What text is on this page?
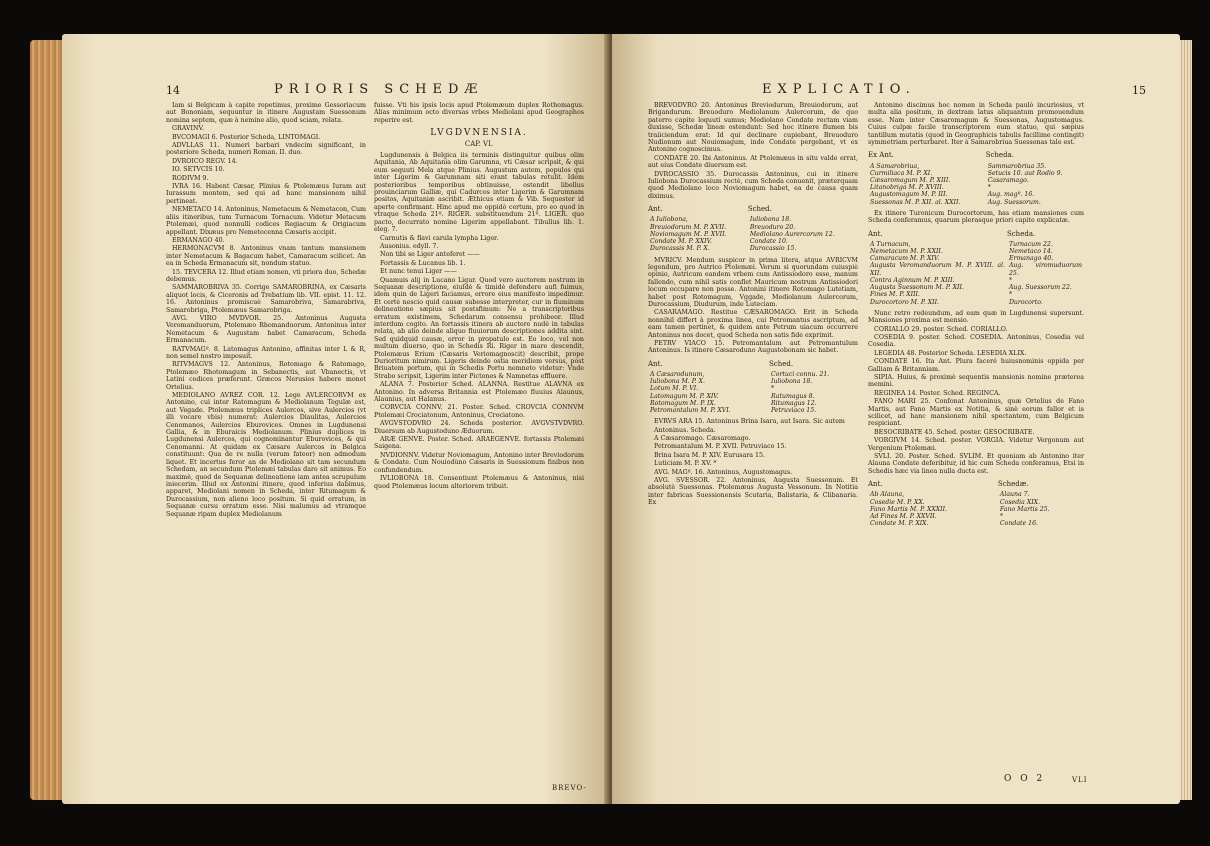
14	PRIORIS SCHEDÆ

Iam si Belgicam à capite repetimus, proxime Gessoriacum aut Bononiam, sequuntur in itinere Augustam Suessonum nomina septem, quæ à nemine alio, quod sciam, relata.

GRAVINV.

BVCOMAGI 6. Posterior Scheda, LINTOMAGI.

ADVLLAS 11. Numeri barbari vndecim significant, in posteriore Scheda, numeri Roman. II. duo.

DVROICO REGV. 14.

IO. SETVCIS 10.

RODIVM 9.

IVRA 16. Habent Cæsar, Plinius & Ptolemæus Iuram aut Iurassum montem, sed qui ad hanc mansionem nihil pertineat.

NEMETACO 14. Antoninus, Nemetacum & Nemetacon, Cum aliis itineribus, tum Turnacum Tornacum. Videtur Metacum Ptolemæi, quod nonnulli codices Regiacum & Origiacum appellant. Dixæus pro Nemetocenna Cæsaris accipit.

ERMANAGO 40.

HERMONACVM 8. Antoninus vnam tantum mansionem inter Nemetacum & Bagacum habet, Camaracum scilicet. An ea in Scheda Ermanacum sit, nondum statuo.

15. TEVCERA 12. Illud etiam nomen, vti priora duo, Schedæ debemus.

SAMMAROBRIVA 35. Corrige SAMAROBRINA, ex Cæsaris aliquot locis, & Ciceronis ad Trebatium lib. VII. epist. 11. 12. 16. Antoninus promiscuè Samarobriva, Samarabriva, Samarobriga, Ptolemæus Samarobriga.

AVG. VIRO MVDVOR. 25. Antoninus Augusta Veromanduorum, Ptolemæo Rhomanduorum. Antoninus inter Nemetacum & Augustam habet Camaracum, Scheda Ermanacum.

RATVMAGº. 8. Latomagus Antonino, affinitas inter L & R, non semel nostro imposuit.

RITVMAGVS 12. Antoninus, Rotomago & Ratomago, Ptolemæo Rhotomagum in Sebanectis, aut Vbanectis, vt Latini codices præferunt. Græcos Nerusios habere monet Ortelius.

MEDIOLANO AVREZ COR. 12. Lege AVLERCORVM ex Antonino, cui inter Ratomagum & Mediolanum Tegulæ est, aut Vegade. Ptolemæus triplices Aulercos, sive Aulercios (vt illi vocare vbis) numerat: Aulercios Diaulitas, Aulercios Cenomanos, Aulercios Eburovices. Omnes in Lugdunensi Gallia, & in Eburaicis Mediolanum. Plinius duplices in Lugdunensi Aulercos, qui cognominantur Eburovices, & qui Cenomanni. At quidam ex Cæsare Aulercos in Belgica constituunt: Qua de re nulla (verum fateor) non admodum liquet. Et incertus feror an de Mediolano sit tam secundum Schedam, an secundum Ptolemæi tabulas dare sit animus. Eo maximè, quod de Sequanæ delineatione iam antea scrupulum iniecerim. Illud ex Antonini itinere, quod inferius dabimus, apparet, Mediolani nomen in Scheda, inter Ritumagum & Durocassium, non alieno loco positum. Si quid erratum, in Sequanæ cursu erratum esse. Nisi malumus ad vtramque Sequanæ ripam duplex Mediolanum

fuisse. Vti his ipsis locis apud Ptolemæum duplex Rothomagus. Alias minimum octo diversas vrbes Mediolani apud Geographos reperire est.

LVGDVNENSIA.
CAP. VI.

Lugdunensis à Belgica iis terminis distinguitur quibus olim Aquitania, Ab Aquitania olim Garumna, vti Cæsar scripsit, & qui eum sequuti Mela atque Plinius. Augustum autem, populos qui inter Ligerim & Garumnam siti erant tabulas retulit. Idem posterioribus temporibus obtinuisse, ostendit libellus prouinciarum Galliæ, qui Cadurcos inter Ligerim & Garumnam positos, Aquitaniæ ascribit. Æthicus etiam & Vib. Sequester id aperte confirmant. Hinc apud me oppidò certum, pro eo quod in vtraque Scheda 21º. RIGER. substituendum 21º. LIGER. quo pacto, decurrato nomine Ligerim appellabant. Tibullus lib. 1. eleg. 7.

Carnutis & flavi carula lympha Liger.

Ausonius. edyll. 7.

Non tibi se Liger anteferet ——

Fortassis & Lucanus lib. 1.

Et nunc tenui Liger ——

Quamuis alij in Lucano Ligur. Quod vero auctorem nostrum in Sequanæ descriptione, eiuſdè & timidè defendere aufi fuimus, idem quin de Ligeri faciamus, errore eius manifesto impedimur. Et certè nescio quid causæ subesse interpreter, cur in fluminum delineatione sæpius sit postsfimum: Ne a transcriptoribus erratum existimem, Schedarum consensu prohibeor. Illud interdum cogito. An fortassis itinera ab auctore nudè in tabulas relata, ab alio deinde aliquo fluuiorum descriptiones addita sint. Sed quidquid causæ, error in propatulo est. Eo loco, vel non multum diuerso, quo in Schedis Ri. Riger in mare descendit, Ptolemæus Erium (Cæsaris Veriomagnoscit) describit, prope Durioritum nimirum. Ligeris deinde ostia meridiem versùs, post Briuatem portum, qui in Schedis Portu nemneto videtur: Vnde Strabo scripsit, Ligerim inter Pictones & Namnetas effluere.

ALANA 7. Posterior Sched. ALANNA. Restitue ALAVNA ex Antonino. In adversa Britannia est Ptolemæo fluuius Alaunus, Alaunius, aut Halanus.

CORVCIA CONNV. 21. Poster. Sched. CROVCIA CONNVM Ptolemæi Crociatonum, Antoninus, Crociatono.

AVGVSTODVRO 24. Scheda posterior. AVGVSTVDVRO. Diuersum ab Augustoduno Æduorum.

ARÆ GENVE. Poster. Sched. ARAEGENVE. fortassis Ptolemæi Saigena.

NVDIONNV. Videtur Noviomagum, Antonino inter Breviodorum & Condate. Cum Nouiodùno Cæsaris in Suessionum finibus non confundendum.

IVLIOBONA 18. Consentiunt Ptolemæus & Antoninus, nisi quod Ptolemæus locum alteriorem tribuit.

BREVO-
EXPLICATIO.	15

BREVODVRO 20. Antoninus Breviodurum, Breuiodorum, aut Brigandurum. Breuoduro Mediolanum Aulercorum, de quo paterro capite loquuti sumus; Mediolano Condate rectam viam duxisse, Schedæ lineæ ostendunt: Sed hoc itinere flumen bis traiiciendum erat: Id qui declinare cupiebant, Breuoduro Nudionum aut Nouiomagum, inde Condate pergebant, vt ex Antonino cognoscimus.

CONDATE 20. Ibi Antoninus. At Ptolemæus in situ valde errat, aut eius Condate diuersum est.

DVROCASSIO 35. Durocassis Antoninus, cui in itinere Iuliobona Durocassium rectè, cum Scheda conuenit, præterquam quod Mediolano loco Noviomagum habet, ea de causa quam diximus.

Ant.	Sched.
A Iuliobona,	Iuliobona 18.
Breuiodorum M. P. XVII.	Breuoduro 20.
Noviomagum M. P. XVII.	Mediolano Aurercorum 12.
Condate M. P. XXIV.	Condate 10.
Durocassis M. P. X.	Durocassio 15.

MVRICV. Mendum suspicor in prima litera, atque AVRICVM legendum, pro Autrico Ptolemæi. Verum si quorundam cuiuspiè opinio, Autricum eandem vrbem cum Antissiodoro esse, manum fallendo, cum nihil satis conflet Mauricum nostrum Antissiodori locum occupare non posse. Antonini itinere Rotomago Lutetiam, habet post Rotomagum, Vggade, Mediolanum Aulercorum, Durocassium, Diudurum, inde Luteciam.

CASARAMAGO. Restitue CÆSAROMAGO. Erit in Scheda nonnihil differt à proxima linea, cui Petromantus ascriptum, ad eam tamen pertinet, & quidem ante Petrum uiacum occurrere Antoninus nos docet, quod Scheda non satis fide exprimit.

PETRV VIACO 15. Petromantalum aut Petromantulum Antoninus. Is itinere Cæsaroduno Augustobonam sic habet.

Ant.	Sched.
A Cæsarodunum,	Cortuci connu. 21.
Iuliobona M. P. X.	Iuliobona 18.
Lotum M. P. VI.	*
Latomagum M. P. XIV.	Ratumagus 8.
Rotomagum M. P. IX.	Ritumagus 12.
Petromantalum M. P. XVI.	Petruviaco 15.

EVRVS ARA 15. Antoninus Brina Isara, aut Isara. Sic autem

Antoninus. Scheda.

A Cæsaromago. Cæsaromago.

Petromantalum M. P. XVII. Petruviaco 15.

Brina Isara M. P. XIV. Eurusara 15.

Luticiam M. P. XV. *

AVG. MAGº. 16. Antoninus, Augustomagus.

AVG. SVESSOR. 22. Antoninus, Augusta Suessonum. Et absolutè Suessonas. Ptolemæus Augusta Vessonum. In Notitia inter fabricas Suessionensis Scutaria, Balistaria, & Clibanaria. Ex

Antonino discimus hoc nomen in Scheda paulò incuriosius, vt multa alia positum, in dextram latus aliquantum promouendum esse. Nam inter Cæsaromagum & Suessonas, Augustomagus. Cuius culpæ facile transcriptorem eum statuo, qui sæpius tantillum mutatis (quod in Geographicis tabulis facillime contingit) symmetriam perturbaret. Iter à Samarobriua Suessonas tale est.

Ex Ant.	Scheda.
A Samarobriua,	Sammarobriua 35.
Curmiliaca M. P. XI.	Setucis 10. aut Rodio 9.
Cæsaromagum M. P. XIII.	Casaramago.
Litanobriga M. P. XVIII.	*
Augustomagum M. P. III.	Aug. magº. 16.
Suessonas M. P. XII. al. XXII.	Aug. Suessorum.

Ex itinere Turonicum Durocortorum, has etiam mansiones cum Scheda conferamus, quarum plerasque priori capite explicatæ.

Ant.	Scheda.
A Turnacum,	Turnacum 22.
Nemetacum M. P. XXII.	Nemetaco 14.
Camaracum M. P. XIV.	Ermanago 40.
Augusta Veromanduorum M. P. XVIII. al. XII.	Aug. viromuduorum 25.
Contra Aginnum M. P. XIII.	*
Augusta Suessonum M. P. XII.	Aug. Suessorum 22.
Fines M. P. XIII.	*
Durocortoro M. P. XII.	Durocorto.

Nunc retro redeundum, ad eam quæ in Lugdunensi supersunt. Mansiones proxima est mensio.

CORIALLO 29. poster. Sched. CORIALLO.

COSEDIA 9. poster. Sched. COSEDIA. Antoninus, Cosedia vel Cosedia.

LEGEDIA 48. Posterior Scheda. LESEDIA XLIX.

CONDATE 16. Ita Ant. Plura faceré huiusnominis oppida per Galliam & Britanniam.

SIPIA. Huius, & proximè sequentis mansionis nomine præterea memini.

REGINEA 14. Poster. Sched. REGINCA.

FANO MARI 25. Confonat Antoninus, quæ Ortelius de Fano Martis, aut Fano Martis ex Notitia, & sinè eorum fallor et is scilicet, ad hanc mansionem nihil spectantem, cum Belgicum respiciant.

BESOCRIBATE 45. Sched. poster. GESOCRIBATE.

VORGIVM 14. Sched. poster. VORGIA. Videtur Vergonum aut Vergenium Ptolemæi.

SVLI. 20. Poster. Sched. SVLIM. Et quoniam ab Antonino iter Alauna Condate deferibitur, id hic cum Scheda conferamus, Etsi in Schedis hæc via linea nulla ducta est.

Ant.	Schedæ.
Ab Alauna,	Alauna 7.
Cosedie M. P. XX.	Cosedia XIX.
Fano Martis M. P. XXXII.	Fano Martis 25.
Ad Fines M. P. XXVII.	*
Condate M. P. XIX.	Condate 16.
O O 2	VLI
